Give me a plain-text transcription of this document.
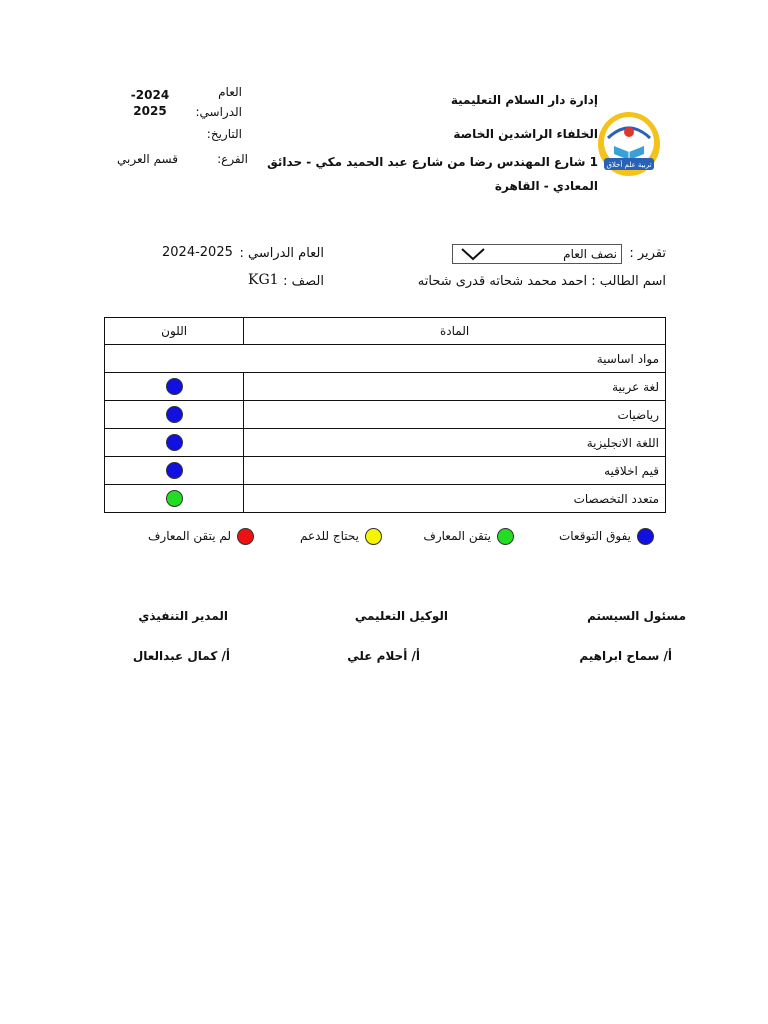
تربية علم أخلاق
إدارة دار السلام التعليمية
الخلفاء الراشدين الخاصة
1 شارع المهندس رضا من شارع عبد الحميد مكي - حدائق المعادي - القاهرة
العام الدراسي:
-2024 2025
التاريخ:
الفرع:
قسم العربي
تقرير :
نصف العام
العام الدراسي :
2024-2025
اسم الطالب : احمد محمد شحاته قدرى شحاته
الصف :
KG1
المادة	اللون
مواد اساسية	
لغة عربية	
رياضيات	
اللغة الانجليزية	
قيم اخلاقيه	
متعدد التخصصات	
يفوق التوقعات
يتقن المعارف
يحتاج للدعم
لم يتقن المعارف
مسئول السيستم
أ/ سماح ابراهيم
الوكيل التعليمي
أ/ أحلام علي
المدير التنفيذي
أ/ كمال عبدالعال
